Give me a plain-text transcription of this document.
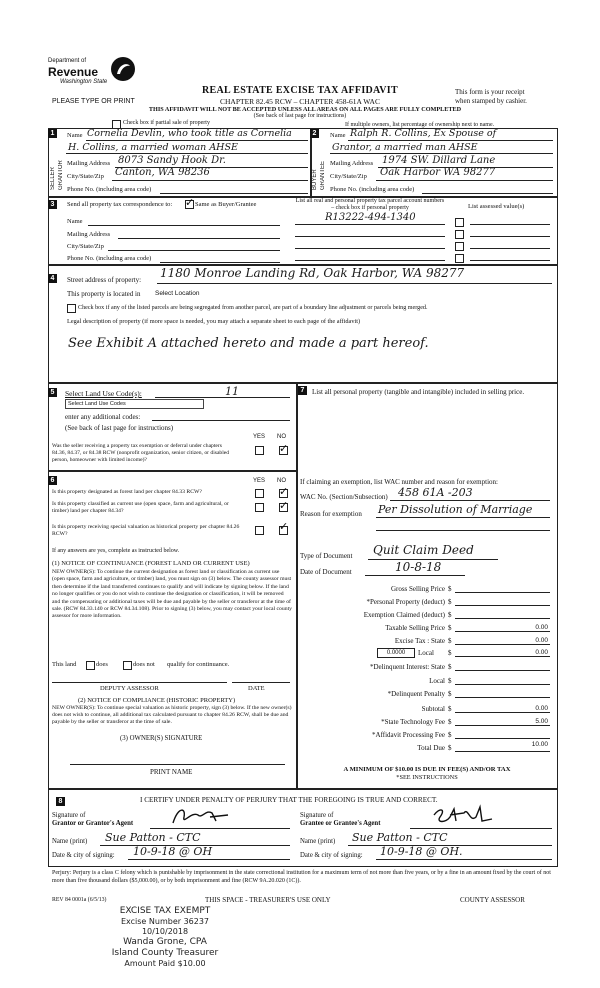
Department of
Revenue
Washington State
PLEASE TYPE OR PRINT
REAL ESTATE EXCISE TAX AFFIDAVIT
CHAPTER 82.45 RCW – CHAPTER 458-61A WAC
THIS AFFIDAVIT WILL NOT BE ACCEPTED UNLESS ALL AREAS ON ALL PAGES ARE FULLY COMPLETED
(See back of last page for instructions)
This form is your receipt
when stamped by cashier.
Check box if partial sale of property	If multiple owners, list percentage of ownership next to name.
1
SELLER GRANTOR
Name Cornelia Devlin, who took title as Cornelia
H. Collins, a married woman AHSE
Mailing Address 8073 Sandy Hook Dr.
City/State/Zip Canton, WA 98236
Phone No. (including area code)
2
BUYER GRANTEE
Name Ralph R. Collins, Ex Spouse of
Grantor, a married man AHSE
Mailing Address 1974 SW. Dillard Lane
City/State/Zip Oak Harbor WA 98277
Phone No. (including area code)
3	Send all property tax correspondence to: ✓ Same as Buyer/Grantee	List all real and personal property tax parcel account numbers – check box if personal property	List assessed value(s)
Name
Mailing Address
City/State/Zip
Phone No. (including area code)
R13222-494-1340
4	Street address of property: 1180 Monroe Landing Rd, Oak Harbor, WA 98277
This property is located in Select Location
Check box if any of the listed parcels are being segregated from another parcel, are part of a boundary line adjustment or parcels being merged.
Legal description of property (if more space is needed, you may attach a separate sheet to each page of the affidavit)
See Exhibit A attached hereto and made a part hereof.
5	Select Land Use Code(s):	11
Select Land Use Codes
enter any additional codes:
(See back of last page for instructions)
YES NO
Was the seller receiving a property tax exemption or deferral under chapters 84.36, 84.37, or 84.38 RCW (nonprofit organization, senior citizen, or disabled person, homeowner with limited income)?
✓
6	YES NO
Is this property designated as forest land per chapter 84.33 RCW?	✓
Is this property classified as current use (open space, farm and agricultural, or timber) land per chapter 84.34?	✓
Is this property receiving special valuation as historical property per chapter 84.26 RCW?
✓
If any answers are yes, complete as instructed below.
(1) NOTICE OF CONTINUANCE (FOREST LAND OR CURRENT USE)
NEW OWNER(S): To continue the current designation as forest land or classification as current use (open space, farm and agriculture, or timber) land, you must sign on (3) below. The county assessor must then determine if the land transferred continues to qualify and will indicate by signing below. If the land no longer qualifies or you do not wish to continue the designation or classification, it will be removed and the compensating or additional taxes will be due and payable by the seller or transferor at the time of sale. (RCW 84.33.140 or RCW 84.34.108). Prior to signing (3) below, you may contact your local county assessor for more information.
This land	does	does not qualify for continuance.
DEPUTY ASSESSOR	DATE
(2) NOTICE OF COMPLIANCE (HISTORIC PROPERTY)
NEW OWNER(S): To continue special valuation as historic property, sign (3) below. If the new owner(s) does not wish to continue, all additional tax calculated pursuant to chapter 84.26 RCW, shall be due and payable by the seller or transferor at the time of sale.
(3) OWNER(S) SIGNATURE
PRINT NAME
7	List all personal property (tangible and intangible) included in selling price.
If claiming an exemption, list WAC number and reason for exemption:
WAC No. (Section/Subsection) 458 61A -203
Reason for exemption Per Dissolution of Marriage
Type of Document Quit Claim Deed
Date of Document	10-8-18
Gross Selling Price $
*Personal Property (deduct) $
Exemption Claimed (deduct) $
Taxable Selling Price $	0.00
Excise Tax : State $	0.00
0.0000	Local $	0.00
*Delinquent Interest: State $
Local $
*Delinquent Penalty $
Subtotal $	0.00
*State Technology Fee $	5.00
*Affidavit Processing Fee $
Total Due $	10.00
A MINIMUM OF $10.00 IS DUE IN FEE(S) AND/OR TAX
*SEE INSTRUCTIONS
8	I CERTIFY UNDER PENALTY OF PERJURY THAT THE FOREGOING IS TRUE AND CORRECT.
Signature of
Grantor or Grantor's Agent
Name (print) Sue Patton - CTC
Date & city of signing: 10-9-18 @ OH
Signature of
Grantee or Grantee's Agent
Name (print) Sue Patton - CTC
Date & city of signing: 10-9-18 @ OH.
Perjury: Perjury is a class C felony which is punishable by imprisonment in the state correctional institution for a maximum term of not more than five years, or by a fine in an amount fixed by the court of not more than five thousand dollars ($5,000.00), or by both imprisonment and fine (RCW 9A.20.020 (1C)).
REV 84 0001a (6/5/13)	THIS SPACE - TREASURER'S USE ONLY	COUNTY ASSESSOR
EXCISE TAX EXEMPT
Excise Number 36237
10/10/2018
Wanda Grone, CPA
Island County Treasurer
Amount Paid $10.00
